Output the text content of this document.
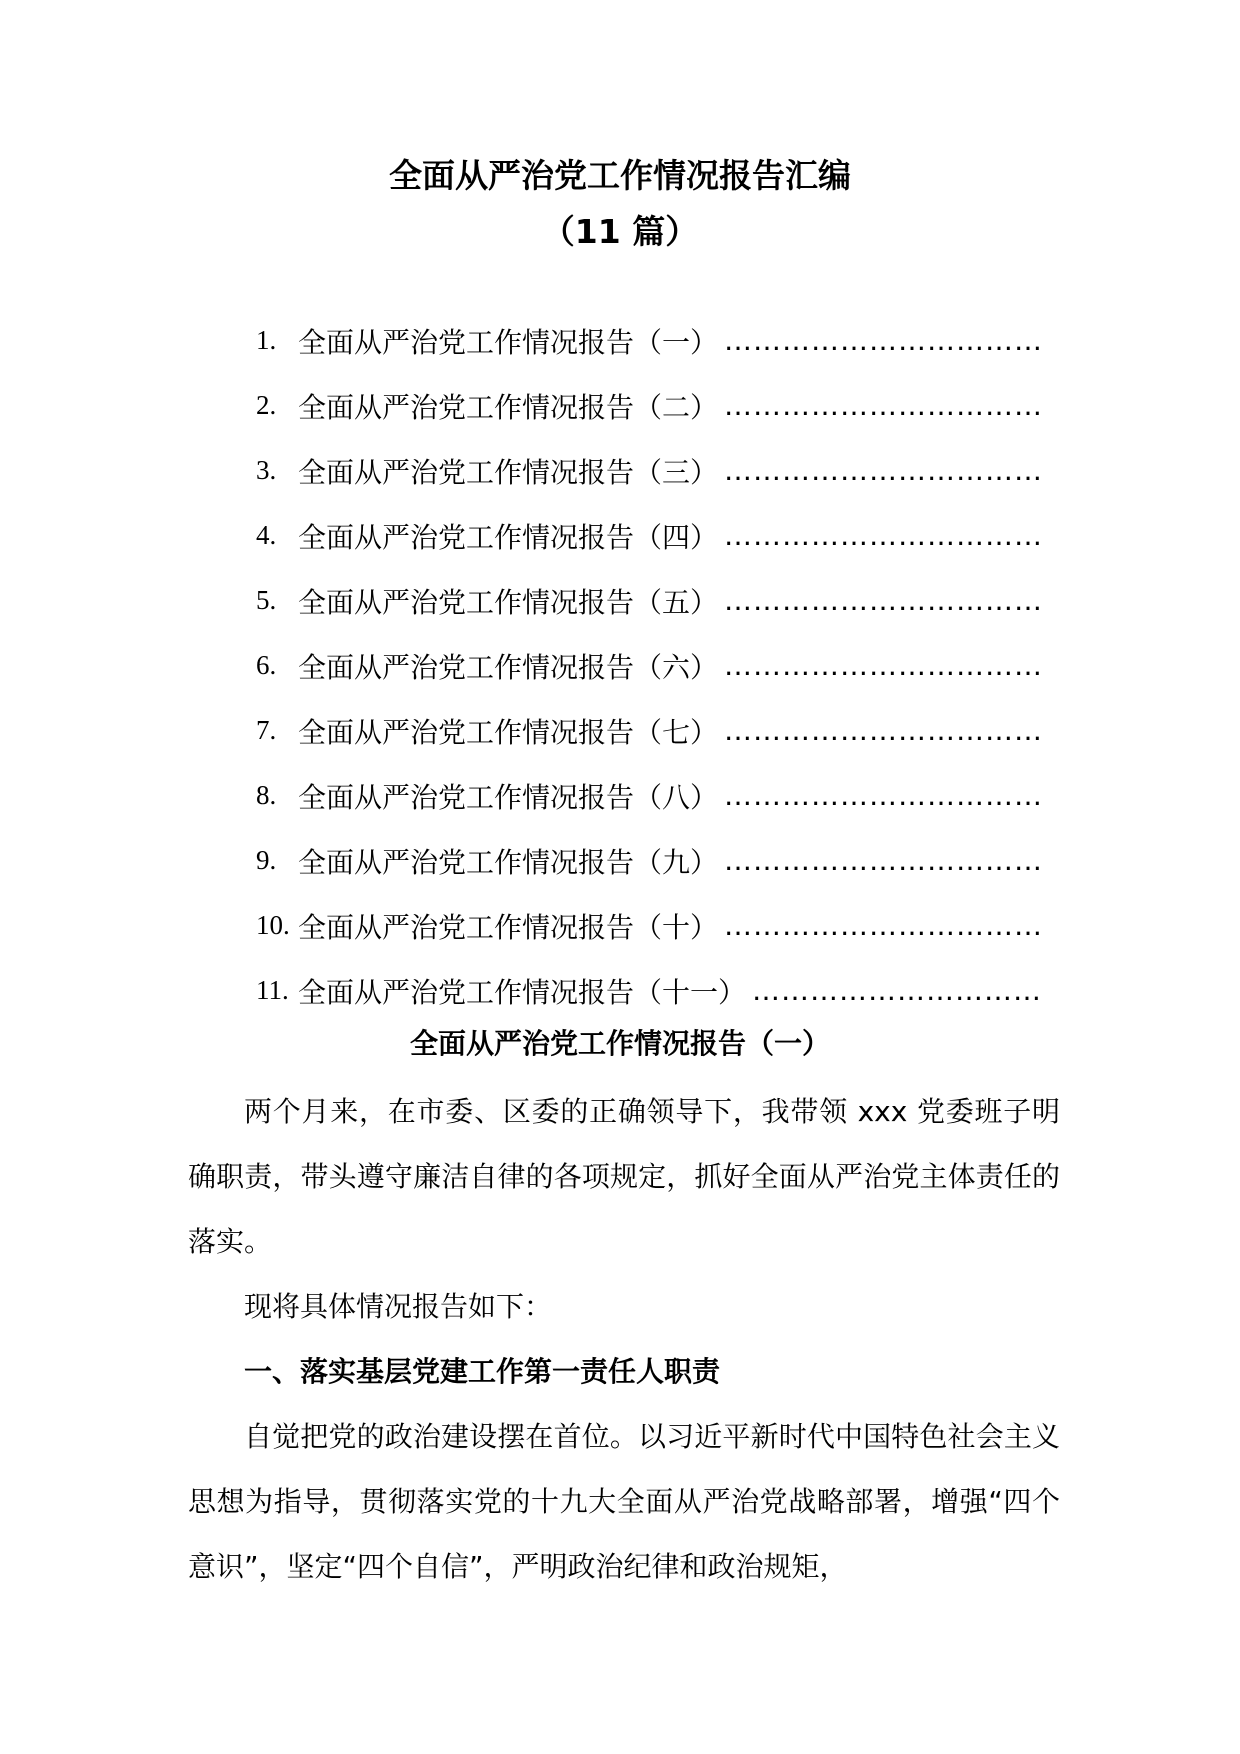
全面从严治党工作情况报告汇编
（11 篇）
1. 全面从严治党工作情况报告（一） ……………………………
2. 全面从严治党工作情况报告（二） ……………………………
3. 全面从严治党工作情况报告（三） ……………………………
4. 全面从严治党工作情况报告（四） ……………………………
5. 全面从严治党工作情况报告（五） ……………………………
6. 全面从严治党工作情况报告（六） ……………………………
7. 全面从严治党工作情况报告（七） ……………………………
8. 全面从严治党工作情况报告（八） ……………………………
9. 全面从严治党工作情况报告（九） ……………………………
10. 全面从严治党工作情况报告（十） ……………………………
11. 全面从严治党工作情况报告（十一） …………………………
全面从严治党工作情况报告（一）

两个月来，在市委、区委的正确领导下，我带领 xxx 党委班子明确职责，带头遵守廉洁自律的各项规定，抓好全面从严治党主体责任的落实。

现将具体情况报告如下：

一、落实基层党建工作第一责任人职责

自觉把党的政治建设摆在首位。以习近平新时代中国特色社会主义思想为指导，贯彻落实党的十九大全面从严治党战略部署，增强“四个意识”，坚定“四个自信”，严明政治纪律和政治规矩，
